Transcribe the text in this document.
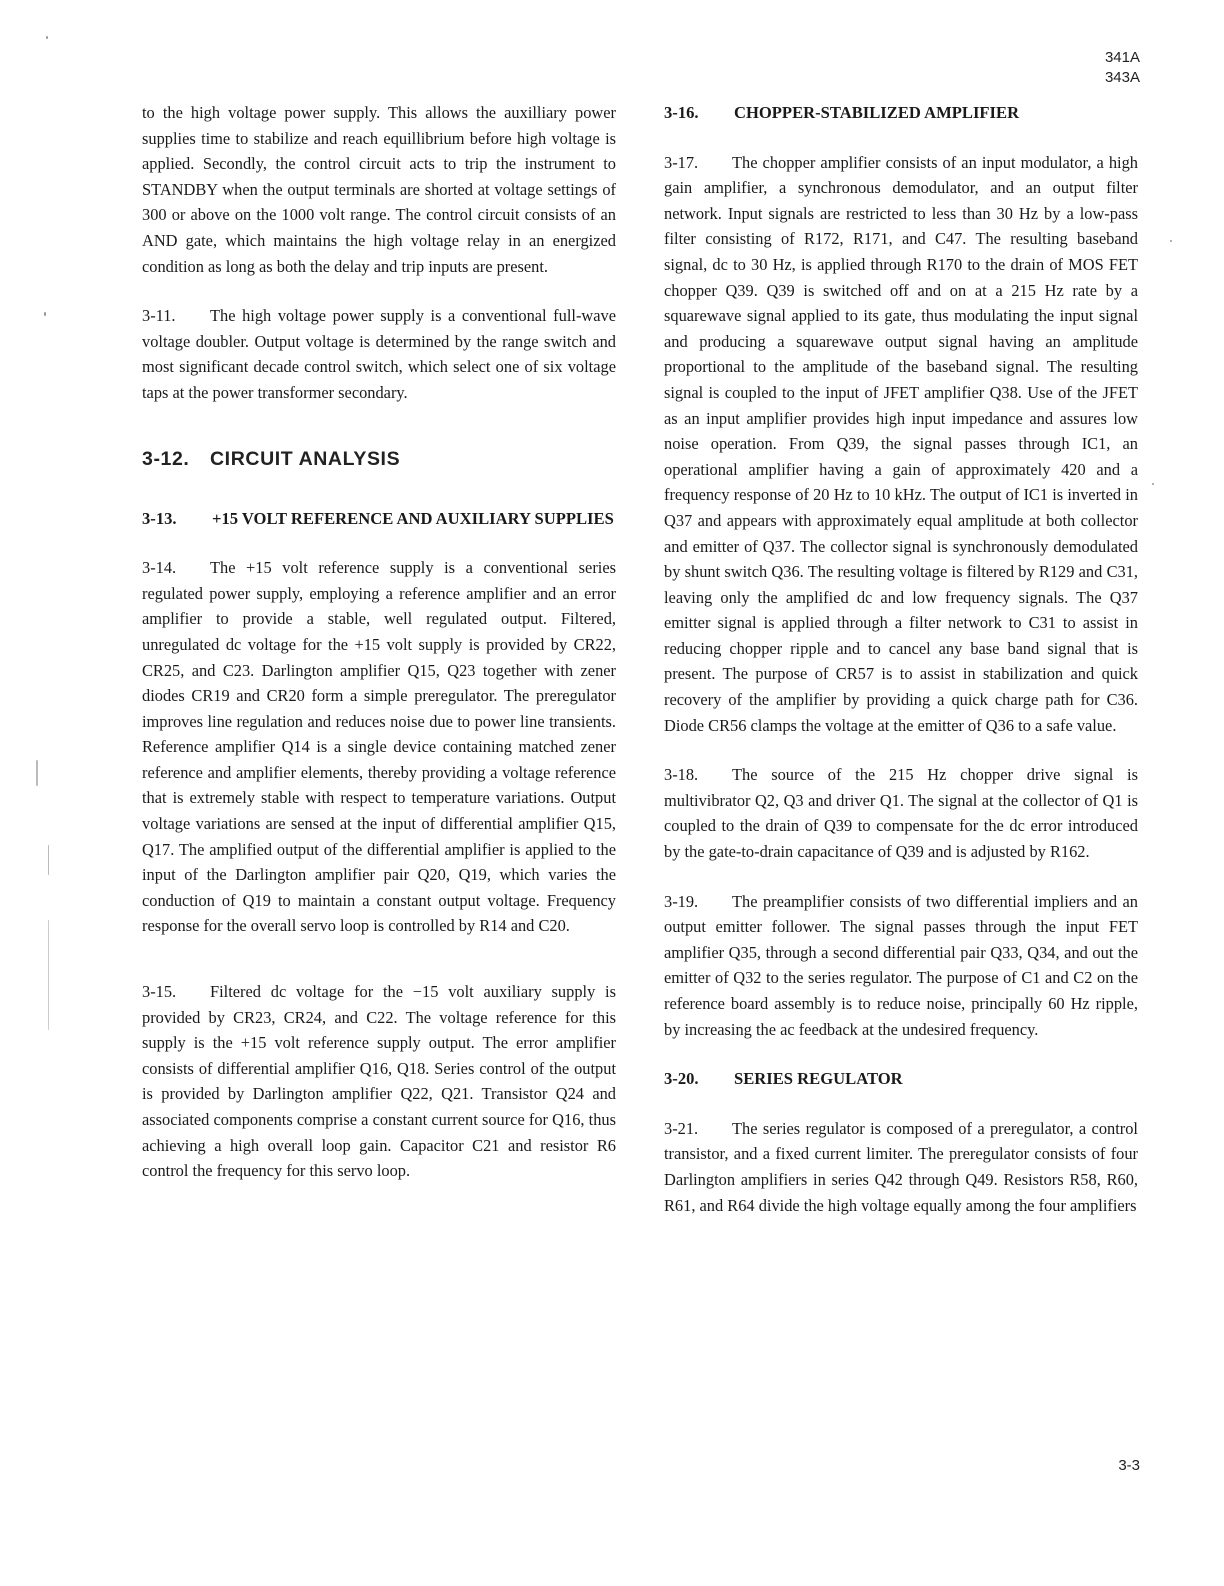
341A
343A

to the high voltage power supply. This allows the auxilliary power supplies time to stabilize and reach equillibrium before high voltage is applied. Secondly, the control circuit acts to trip the instrument to STANDBY when the output terminals are shorted at voltage settings of 300 or above on the 1000 volt range. The control circuit consists of an AND gate, which maintains the high voltage relay in an energized condition as long as both the delay and trip inputs are present.

3-11. The high voltage power supply is a conventional full-wave voltage doubler. Output voltage is determined by the range switch and most significant decade control switch, which select one of six voltage taps at the power transformer secondary.

3-12.	CIRCUIT ANALYSIS
3-13.	+15 VOLT REFERENCE AND AUXILIARY SUPPLIES

3-14. The +15 volt reference supply is a conventional series regulated power supply, employing a reference amplifier and an error amplifier to provide a stable, well regulated output. Filtered, unregulated dc voltage for the +15 volt supply is provided by CR22, CR25, and C23. Darlington amplifier Q15, Q23 together with zener diodes CR19 and CR20 form a simple preregulator. The preregulator improves line regulation and reduces noise due to power line transients. Reference amplifier Q14 is a single device containing matched zener reference and amplifier elements, thereby providing a voltage reference that is extremely stable with respect to temperature variations. Output voltage variations are sensed at the input of differential amplifier Q15, Q17. The amplified output of the differential amplifier is applied to the input of the Darlington amplifier pair Q20, Q19, which varies the conduction of Q19 to maintain a constant output voltage. Frequency response for the overall servo loop is controlled by R14 and C20.

3-15. Filtered dc voltage for the −15 volt auxiliary supply is provided by CR23, CR24, and C22. The voltage reference for this supply is the +15 volt reference supply output. The error amplifier consists of differential amplifier Q16, Q18. Series control of the output is provided by Darlington amplifier Q22, Q21. Transistor Q24 and associated components comprise a constant current source for Q16, thus achieving a high overall loop gain. Capacitor C21 and resistor R6 control the frequency for this servo loop.

3-16.	CHOPPER-STABILIZED AMPLIFIER

3-17. The chopper amplifier consists of an input modulator, a high gain amplifier, a synchronous demodulator, and an output filter network. Input signals are restricted to less than 30 Hz by a low-pass filter consisting of R172, R171, and C47. The resulting baseband signal, dc to 30 Hz, is applied through R170 to the drain of MOS FET chopper Q39. Q39 is switched off and on at a 215 Hz rate by a squarewave signal applied to its gate, thus modulating the input signal and producing a squarewave output signal having an amplitude proportional to the amplitude of the baseband signal. The resulting signal is coupled to the input of JFET amplifier Q38. Use of the JFET as an input amplifier provides high input impedance and assures low noise operation. From Q39, the signal passes through IC1, an operational amplifier having a gain of approximately 420 and a frequency response of 20 Hz to 10 kHz. The output of IC1 is inverted in Q37 and appears with approximately equal amplitude at both collector and emitter of Q37. The collector signal is synchronously demodulated by shunt switch Q36. The resulting voltage is filtered by R129 and C31, leaving only the amplified dc and low frequency signals. The Q37 emitter signal is applied through a filter network to C31 to assist in reducing chopper ripple and to cancel any base band signal that is present. The purpose of CR57 is to assist in stabilization and quick recovery of the amplifier by providing a quick charge path for C36. Diode CR56 clamps the voltage at the emitter of Q36 to a safe value.

3-18. The source of the 215 Hz chopper drive signal is multivibrator Q2, Q3 and driver Q1. The signal at the collector of Q1 is coupled to the drain of Q39 to compensate for the dc error introduced by the gate-to-drain capacitance of Q39 and is adjusted by R162.

3-19. The preamplifier consists of two differential impliers and an output emitter follower. The signal passes through the input FET amplifier Q35, through a second differential pair Q33, Q34, and out the emitter of Q32 to the series regulator. The purpose of C1 and C2 on the reference board assembly is to reduce noise, principally 60 Hz ripple, by increasing the ac feedback at the undesired frequency.

3-20.	SERIES REGULATOR

3-21. The series regulator is composed of a preregulator, a control transistor, and a fixed current limiter. The preregulator consists of four Darlington amplifiers in series Q42 through Q49. Resistors R58, R60, R61, and R64 divide the high voltage equally among the four amplifiers

3-3
